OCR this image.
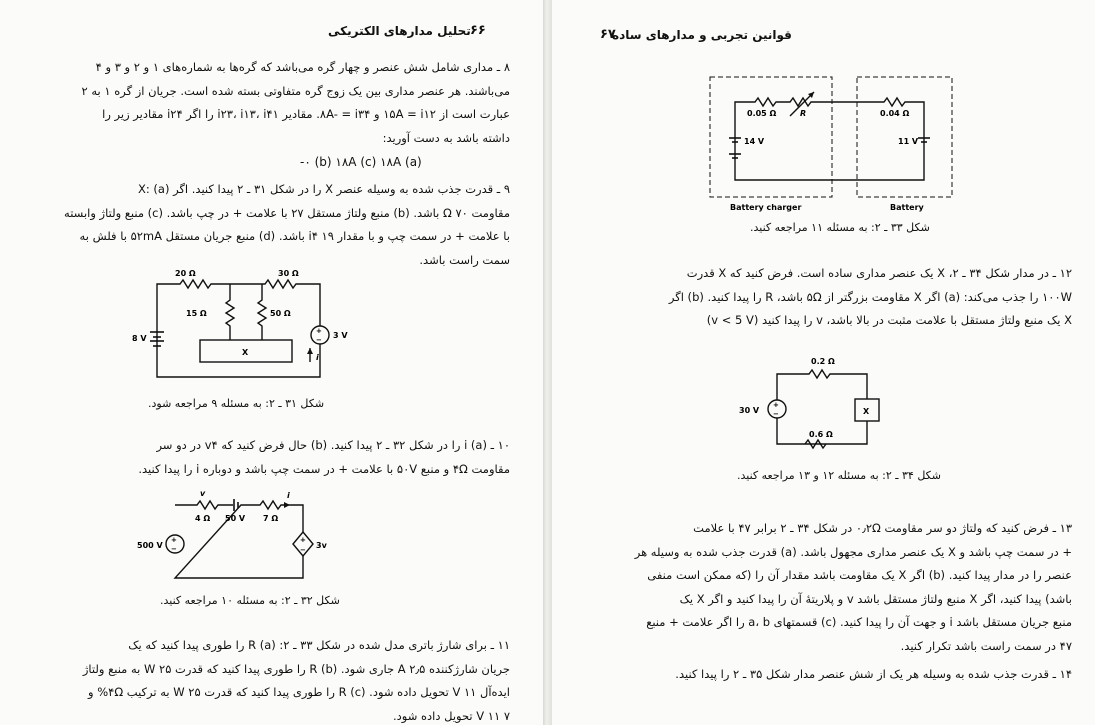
تحلیل مدارهای الکتریکی ۶۶
۸ ـ مداری شامل شش عنصر و چهار گره می‌باشد که گره‌ها به شماره‌های ۱ و ۲ و ۳ و ۴
می‌باشند. هر عنصر مداری بین یک زوج گره متفاوتی بسته شده است. جریان از گره ۱ به ۲
عبارت است از ۱۵A = i۱۲ و ۸A- = i۳۴. مقادیر i۲۳، i۱۳، i۴۱ را اگر i۲۴ مقادیر زیر را
داشته باشد به دست آورید:
(a) ۰ (b) ۱۸A (c) ۱۸A-
۹ ـ قدرت جذب شده به وسیله عنصر X را در شکل ۳۱ ـ ۲ پیدا کنید. اگر X: (a)
مقاومت Ω ۷۰ باشد. (b) منبع ولتاژ مستقل ۲۷ با علامت + در چپ باشد. (c) منبع ولتاژ وابسته
با علامت + در سمت چپ و با مقدار i۴ ۱۹ باشد. (d) منبع جریان مستقل ۵۲mA با فلش به
سمت راست باشد.
20 Ω	30 Ω
15 Ω	50 Ω
8 V	3 V
+
−
X
i
شکل ۳۱ ـ ۲: به مسئله ۹ مراجعه شود.
۱۰ ـ i (a) را در شکل ۳۲ ـ ۲ پیدا کنید. (b) حال فرض کنید که v۴ در دو سر
مقاومت ۴Ω و منبع ۵۰V با علامت + در سمت چپ باشد و دوباره i را پیدا کنید.
v
4 Ω 50 V 7 Ω
i
500 V
+
−
+
− 3v
شکل ۳۲ ـ ۲: به مسئله ۱۰ مراجعه کنید.
۱۱ ـ برای شارژ باتری مدل شده در شکل ۳۳ ـ ۲: R (a) را طوری پیدا کنید که یک
جریان شارژکننده A ۲٫۵ جاری شود. R (b) را طوری پیدا کنید که قدرت W ۲۵ به منبع ولتاژ
ایده‌آل V ۱۱ تحویل داده شود. R (c) را طوری پیدا کنید که قدرت W ۲۵ به ترکیب ۴Ω% و
۷ V ۱۱ تحویل داده شود.
قوانین تجربی و مدارهای ساده
۶۷
0.05 Ω	R	0.04 Ω
14 V	11 V
Battery charger	Battery
شکل ۳۳ ـ ۲: به مسئله ۱۱ مراجعه کنید.
۱۲ ـ در مدار شکل ۳۴ ـ ۲، X یک عنصر مداری ساده است. فرض کنید که X قدرت
۱۰۰W را جذب می‌کند: (a) اگر X مقاومت بزرگتر از ۵Ω باشد، R را پیدا کنید. (b) اگر
X یک منبع ولتاژ مستقل با علامت مثبت در بالا باشد، v را پیدا کنید (v < 5 V)
0.2 Ω
0.6 Ω
30 V
+
−	X
شکل ۳۴ ـ ۲: به مسئله ۱۲ و ۱۳ مراجعه کنید.
۱۳ ـ فرض کنید که ولتاژ دو سر مقاومت ۰٫۲Ω در شکل ۳۴ ـ ۲ برابر ۴۷ با علامت
+ در سمت چپ باشد و X یک عنصر مداری مجهول باشد. (a) قدرت جذب شده به وسیله هر
عنصر را در مدار پیدا کنید. (b) اگر X یک مقاومت باشد مقدار آن را (که ممکن است منفی
باشد) پیدا کنید، اگر X منبع ولتاژ مستقل باشد v و پلاریتهٔ آن را پیدا کنید و اگر X یک
منبع جریان مستقل باشد i و جهت آن را پیدا کنید. (c) قسمتهای a، b را اگر علامت + منبع
۴۷ در سمت راست باشد تکرار کنید.
۱۴ ـ قدرت جذب شده به وسیله هر یک از شش عنصر مدار شکل ۳۵ ـ ۲ را پیدا کنید.
